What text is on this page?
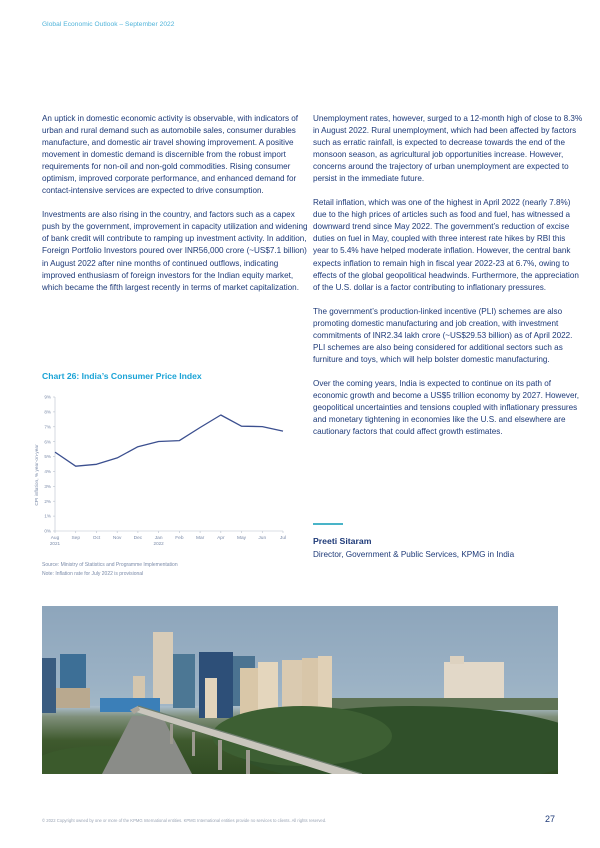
Global Economic Outlook – September 2022

An uptick in domestic economic activity is observable, with indicators of urban and rural demand such as automobile sales, consumer durables manufacture, and domestic air travel showing improvement. A positive movement in domestic demand is discernible from the robust import requirements for non-oil and non-gold commodities. Rising consumer optimism, improved corporate performance, and enhanced demand for contact-intensive services are expected to drive consumption.

Investments are also rising in the country, and factors such as a capex push by the government, improvement in capacity utilization and widening of bank credit will contribute to ramping up investment activity. In addition, Foreign Portfolio Investors poured over INR56,000 crore (~US$7.1 billion) in August 2022 after nine months of continued outflows, indicating improved enthusiasm of foreign investors for the Indian equity market, which became the fifth largest recently in terms of market capitalization.

Chart 26: India’s Consumer Price Index
0%
1%
2%
3%
4%
5%
6%
7%
8%
9%
Aug
2021
Sep	Oct	Nov	Dec	Jan
2022
Feb	Mar	Apr	May	Jun	Jul
CPI inflation, % year-on-year
Source: Ministry of Statistics and Programme Implementation
Note: Inflation rate for July 2022 is provisional

Unemployment rates, however, surged to a 12-month high of close to 8.3% in August 2022. Rural unemployment, which had been affected by factors such as erratic rainfall, is expected to decrease towards the end of the monsoon season, as agricultural job opportunities increase. However, concerns around the trajectory of urban unemployment are expected to persist in the immediate future.

Retail inflation, which was one of the highest in April 2022 (nearly 7.8%) due to the high prices of articles such as food and fuel, has witnessed a downward trend since May 2022. The government’s reduction of excise duties on fuel in May, coupled with three interest rate hikes by RBI this year to 5.4% have helped moderate inflation. However, the central bank expects inflation to remain high in fiscal year 2022-23 at 6.7%, owing to effects of the global geopolitical headwinds. Furthermore, the appreciation of the U.S. dollar is a factor contributing to inflationary pressures.

The government’s production-linked incentive (PLI) schemes are also promoting domestic manufacturing and job creation, with investment commitments of INR2.34 lakh crore (~US$29.53 billion) as of April 2022. PLI schemes are also being considered for additional sectors such as furniture and toys, which will help bolster domestic manufacturing.

Over the coming years, India is expected to continue on its path of economic growth and become a US$5 trillion economy by 2027. However, geopolitical uncertainties and tensions coupled with inflationary pressures and monetary tightening in economies like the U.S. and elsewhere are cautionary factors that could affect growth estimates.

Preeti Sitaram
Director, Government & Public Services, KPMG in India
© 2022 Copyright owned by one or more of the KPMG International entities. KPMG International entities provide no services to clients. All rights reserved.	27
